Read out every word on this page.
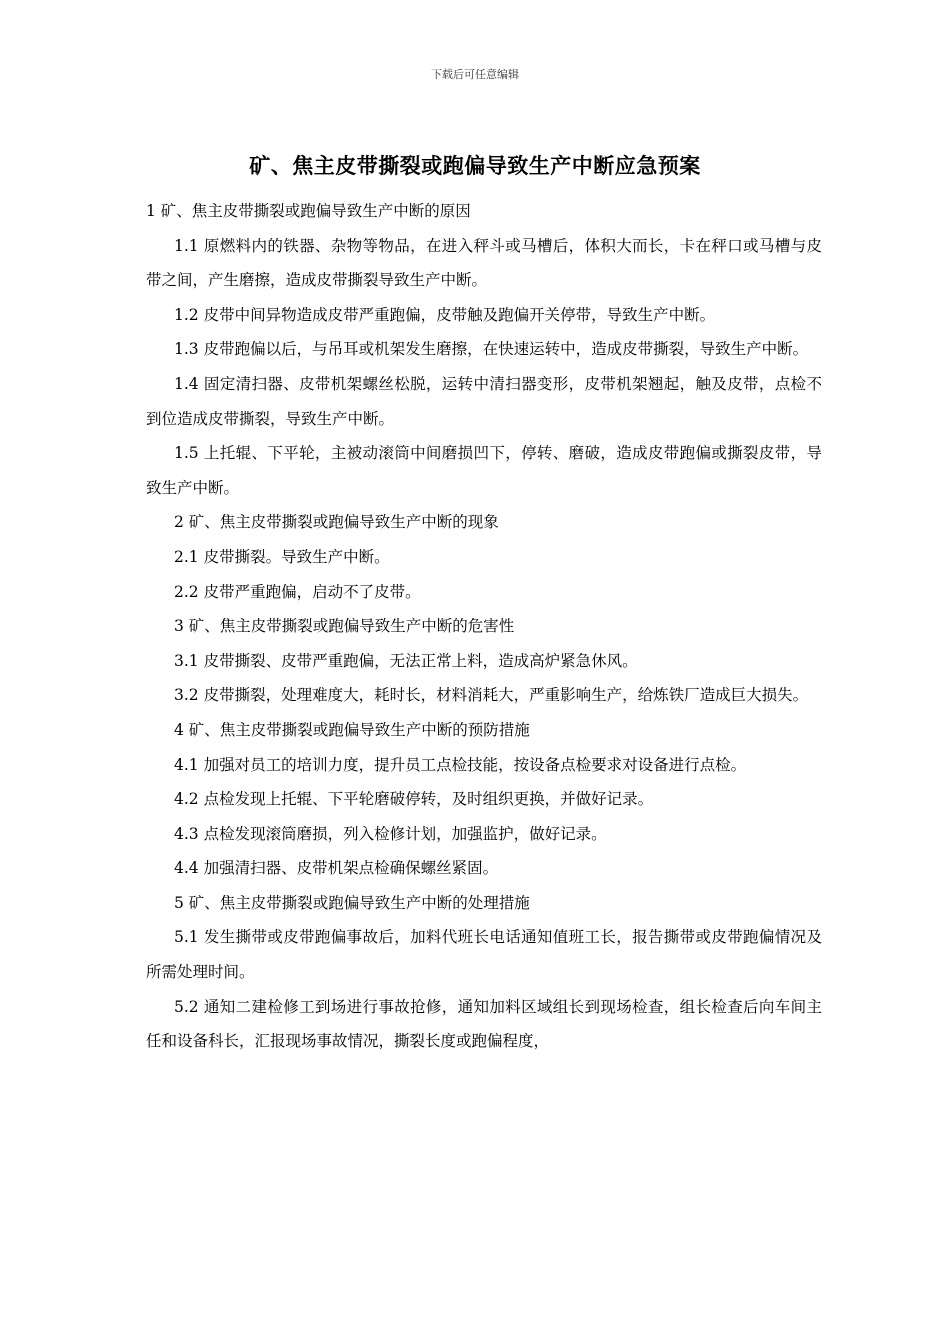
下载后可任意编辑
矿、焦主皮带撕裂或跑偏导致生产中断应急预案

1 矿、焦主皮带撕裂或跑偏导致生产中断的原因

1.1 原燃料内的铁器、杂物等物品，在进入秤斗或马槽后，体积大而长，卡在秤口或马槽与皮带之间，产生磨擦，造成皮带撕裂导致生产中断。

1.2 皮带中间异物造成皮带严重跑偏，皮带触及跑偏开关停带，导致生产中断。

1.3 皮带跑偏以后，与吊耳或机架发生磨擦，在快速运转中，造成皮带撕裂，导致生产中断。

1.4 固定清扫器、皮带机架螺丝松脱，运转中清扫器变形，皮带机架翘起，触及皮带，点检不到位造成皮带撕裂，导致生产中断。

1.5 上托辊、下平轮，主被动滚筒中间磨损凹下，停转、磨破，造成皮带跑偏或撕裂皮带，导致生产中断。

2 矿、焦主皮带撕裂或跑偏导致生产中断的现象

2.1 皮带撕裂。导致生产中断。

2.2 皮带严重跑偏，启动不了皮带。

3 矿、焦主皮带撕裂或跑偏导致生产中断的危害性

3.1 皮带撕裂、皮带严重跑偏，无法正常上料，造成高炉紧急休风。

3.2 皮带撕裂，处理难度大，耗时长，材料消耗大，严重影响生产，给炼铁厂造成巨大损失。

4 矿、焦主皮带撕裂或跑偏导致生产中断的预防措施

4.1 加强对员工的培训力度，提升员工点检技能，按设备点检要求对设备进行点检。

4.2 点检发现上托辊、下平轮磨破停转，及时组织更换，并做好记录。

4.3 点检发现滚筒磨损，列入检修计划，加强监护，做好记录。

4.4 加强清扫器、皮带机架点检确保螺丝紧固。

5 矿、焦主皮带撕裂或跑偏导致生产中断的处理措施

5.1 发生撕带或皮带跑偏事故后，加料代班长电话通知值班工长，报告撕带或皮带跑偏情况及所需处理时间。

5.2 通知二建检修工到场进行事故抢修，通知加料区域组长到现场检查，组长检查后向车间主任和设备科长，汇报现场事故情况，撕裂长度或跑偏程度，
